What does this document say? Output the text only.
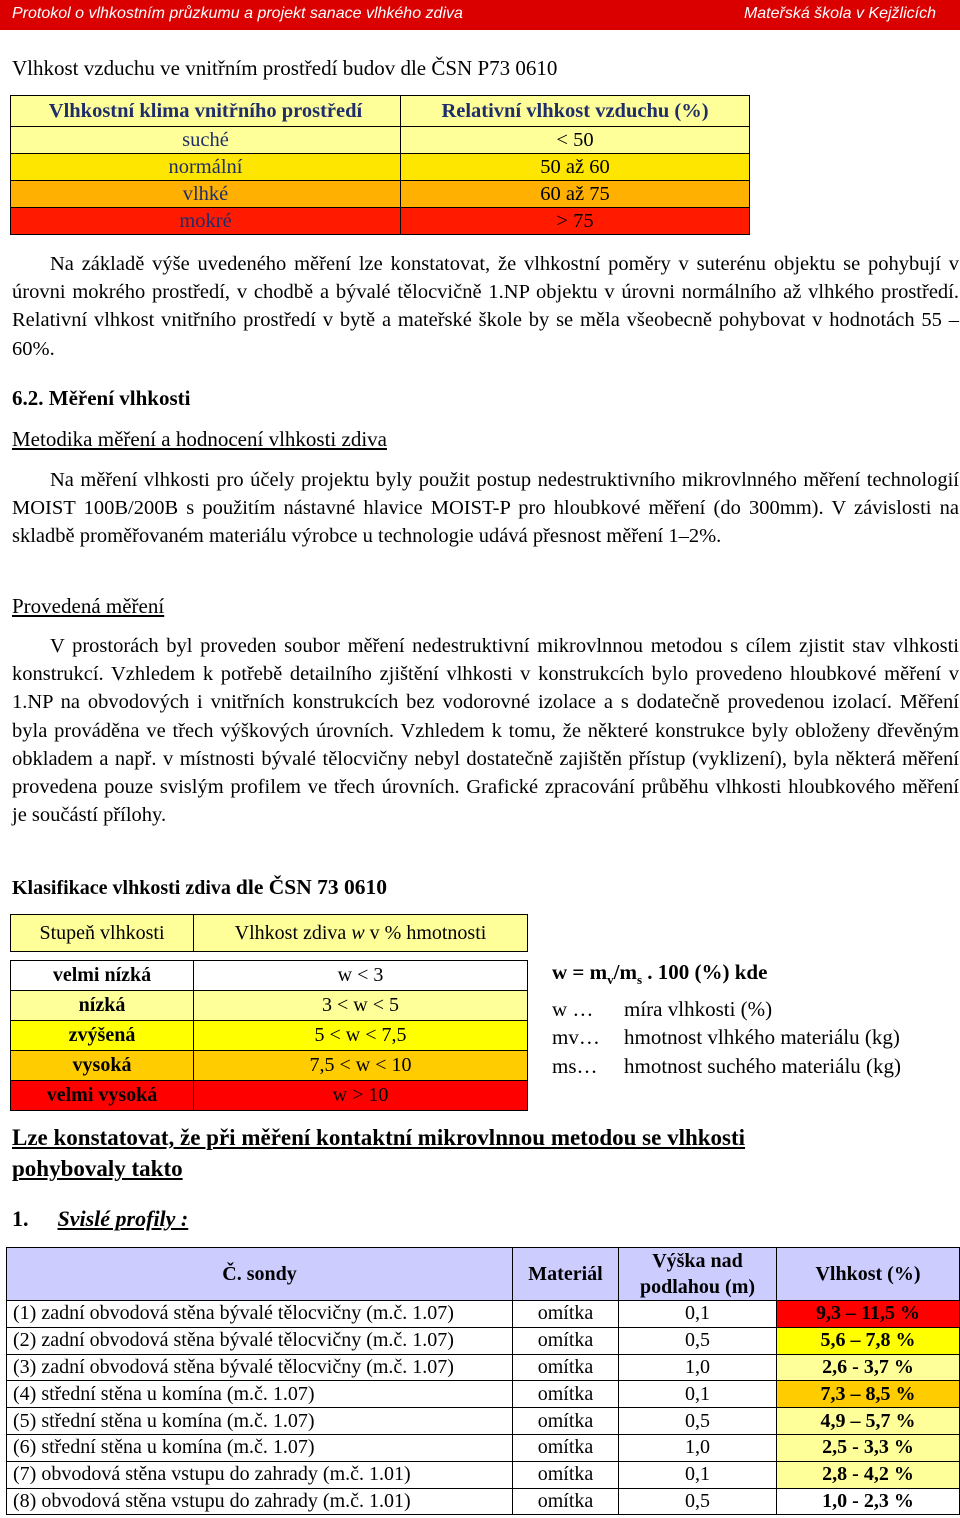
Protokol o vlhkostním průzkumu a projekt sanace vlhkého zdiva	Mateřská škola v Kejžlicích
Vlhkost vzduchu ve vnitřním prostředí budov dle ČSN P73 0610
Vlhkostní klima vnitřního prostředí	Relativní vlhkost vzduchu (%)
suché	< 50
normální	50 až 60
vlhké	60 až 75
mokré	> 75
Na základě výše uvedeného měření lze konstatovat, že vlhkostní poměry v suterénu objektu se pohybují v úrovni mokrého prostředí, v chodbě a bývalé tělocvičně 1.NP objektu v úrovni normálního až vlhkého prostředí. Relativní vlhkost vnitřního prostředí v bytě a mateřské škole by se měla všeobecně pohybovat v hodnotách 55 – 60%.
6.2. Měření vlhkosti
Metodika měření a hodnocení vlhkosti zdiva
Na měření vlhkosti pro účely projektu byly použit postup nedestruktivního mikrovlnného měření technologií MOIST 100B/200B s použitím nástavné hlavice MOIST-P pro hloubkové měření (do 300mm). V závislosti na skladbě proměřovaném materiálu výrobce u technologie udává přesnost měření 1–2%.
Provedená měření
V prostorách byl proveden soubor měření nedestruktivní mikrovlnnou metodou s cílem zjistit stav vlhkosti konstrukcí. Vzhledem k potřebě detailního zjištění vlhkosti v konstrukcích bylo provedeno hloubkové měření v 1.NP na obvodových i vnitřních konstrukcích bez vodorovné izolace a s dodatečně provedenou izolací. Měření byla prováděna ve třech výškových úrovních. Vzhledem k tomu, že některé konstrukce byly obloženy dřevěným obkladem a např. v místnosti bývalé tělocvičny nebyl dostatečně zajištěn přístup (vyklizení), byla některá měření provedena pouze svislým profilem ve třech úrovních. Grafické zpracování průběhu vlhkosti hloubkového měření je součástí přílohy.
Klasifikace vlhkosti zdiva dle ČSN 73 0610
Stupeň vlhkosti	Vlhkost zdiva w v % hmotnosti

velmi nízká	w < 3
nízká	3 < w < 5
zvýšená	5 < w < 7,5
vysoká	7,5 < w < 10
velmi vysoká	w > 10
$w = m_v/m_s$ . 100 (%) kde
w … míra vlhkosti (%)
mv… hmotnost vlhkého materiálu (kg)
ms… hmotnost suchého materiálu (kg)
Lze konstatovat, že při měření kontaktní mikrovlnnou metodou se vlhkosti
pohybovaly takto
1. Svislé profily :
Č. sondy	Materiál	Výška nad
podlahou (m)	Vlhkost (%)
(1) zadní obvodová stěna bývalé tělocvičny (m.č. 1.07)	omítka	0,1	9,3 – 11,5 %
(2) zadní obvodová stěna bývalé tělocvičny (m.č. 1.07)	omítka	0,5	5,6 – 7,8 %
(3) zadní obvodová stěna bývalé tělocvičny (m.č. 1.07)	omítka	1,0	2,6 - 3,7 %
(4) střední stěna u komína (m.č. 1.07)	omítka	0,1	7,3 – 8,5 %
(5) střední stěna u komína (m.č. 1.07)	omítka	0,5	4,9 – 5,7 %
(6) střední stěna u komína (m.č. 1.07)	omítka	1,0	2,5 - 3,3 %
(7) obvodová stěna vstupu do zahrady (m.č. 1.01)	omítka	0,1	2,8 - 4,2 %
(8) obvodová stěna vstupu do zahrady (m.č. 1.01)	omítka	0,5	1,0 - 2,3 %
